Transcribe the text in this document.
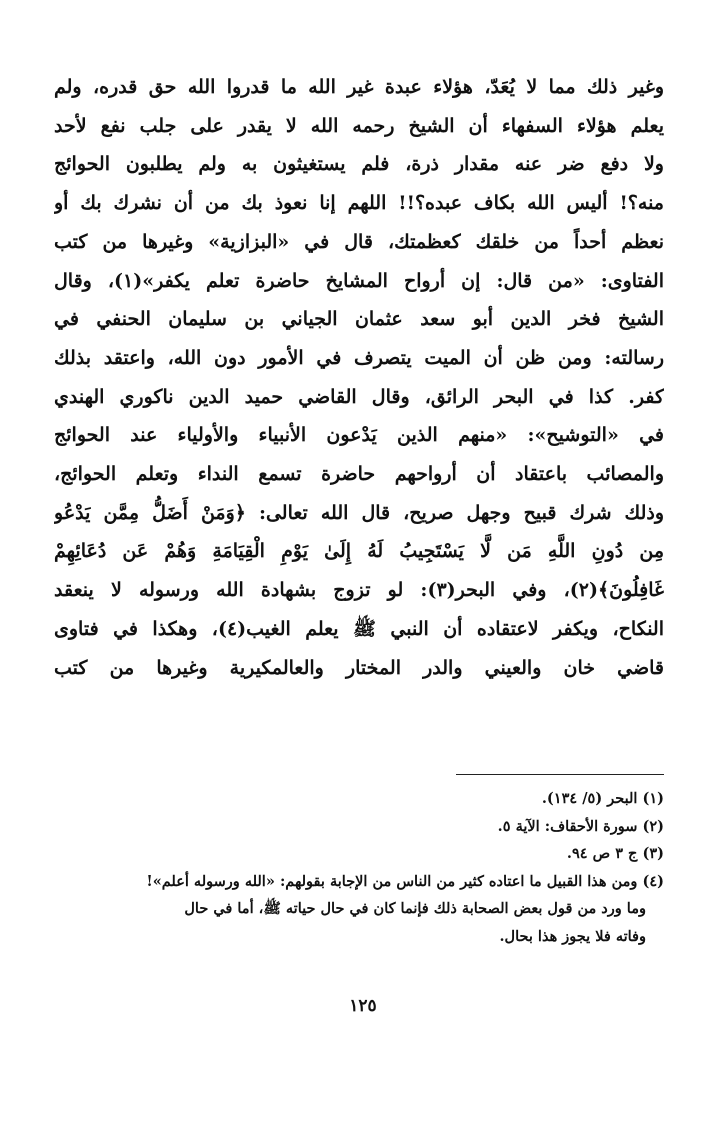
وغير ذلك مما لا يُعَدّ، هؤلاء عبدة غير الله ما قدروا الله حق قدره، ولم
يعلم هؤلاء السفهاء أن الشيخ رحمه الله لا يقدر على جلب نفع لأحد
ولا دفع ضر عنه مقدار ذرة، فلم يستغيثون به ولم يطلبون الحوائج
منه؟! أليس الله بكاف عبده؟!! اللهم إنا نعوذ بك من أن نشرك بك أو
نعظم أحداً من خلقك كعظمتك، قال في «البزازية» وغيرها من كتب
الفتاوى: «من قال: إن أرواح المشايخ حاضرة تعلم يكفر»(١)، وقال
الشيخ فخر الدين أبو سعد عثمان الجياني بن سليمان الحنفي في
رسالته: ومن ظن أن الميت يتصرف في الأمور دون الله، واعتقد بذلك
كفر. كذا في البحر الرائق، وقال القاضي حميد الدين ناكوري الهندي
في «التوشيح»: «منهم الذين يَدْعون الأنبياء والأولياء عند الحوائج
والمصائب باعتقاد أن أرواحهم حاضرة تسمع النداء وتعلم الحوائج،
وذلك شرك قبيح وجهل صريح، قال الله تعالى: ﴿وَمَنْ أَضَلُّ مِمَّن يَدْعُو
مِن دُونِ اللَّهِ مَن لَّا يَسْتَجِيبُ لَهُ إِلَىٰ يَوْمِ الْقِيَامَةِ وَهُمْ عَن دُعَائِهِمْ
غَافِلُونَ﴾(٢)، وفي البحر(٣): لو تزوج بشهادة الله ورسوله لا ينعقد
النكاح، ويكفر لاعتقاده أن النبي ﷺ يعلم الغيب(٤)، وهكذا في فتاوى
قاضي خان والعيني والدر المختار والعالمكيرية وغيرها من كتب
(١) البحر (٥/ ١٣٤).
(٢) سورة الأحقاف: الآية ٥.
(٣) ج ٣ ص ٩٤.
(٤) ومن هذا القبيل ما اعتاده كثير من الناس من الإجابة بقولهم: «الله ورسوله أعلم»!
وما ورد من قول بعض الصحابة ذلك فإنما كان في حال حياته ﷺ، أما في حال
وفاته فلا يجوز هذا بحال.
١٢٥
